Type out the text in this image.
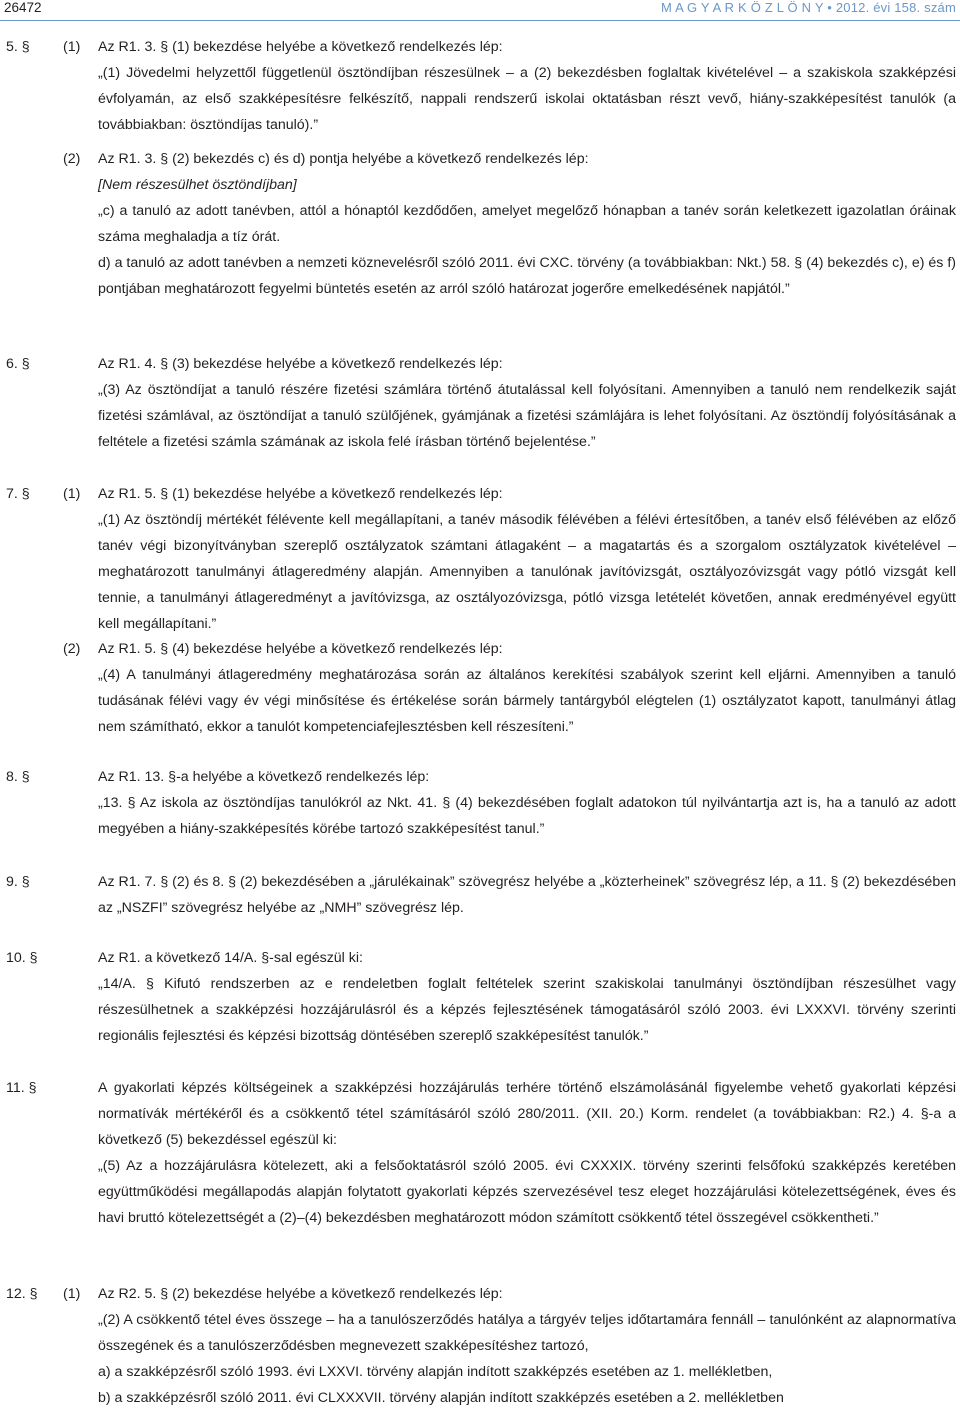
26472	M A G Y A R K Ö Z L Ö N Y • 2012. évi 158. szám
5. § (1) Az R1. 3. § (1) bekezdése helyébe a következő rendelkezés lép:

„(1) Jövedelmi helyzettől függetlenül ösztöndíjban részesülnek – a (2) bekezdésben foglaltak kivételével – a szakiskola szakképzési évfolyamán, az első szakképesítésre felkészítő, nappali rendszerű iskolai oktatásban részt vevő, hiány-szakképesítést tanulók (a továbbiakban: ösztöndíjas tanuló).”

(2) Az R1. 3. § (2) bekezdés c) és d) pontja helyébe a következő rendelkezés lép:

[Nem részesülhet ösztöndíjban]

„c) a tanuló az adott tanévben, attól a hónaptól kezdődően, amelyet megelőző hónapban a tanév során keletkezett igazolatlan óráinak száma meghaladja a tíz órát.

d) a tanuló az adott tanévben a nemzeti köznevelésről szóló 2011. évi CXC. törvény (a továbbiakban: Nkt.) 58. § (4) bekezdés c), e) és f) pontjában meghatározott fegyelmi büntetés esetén az arról szóló határozat jogerőre emelkedésének napjától.”

6. §	Az R1. 4. § (3) bekezdése helyébe a következő rendelkezés lép:

„(3) Az ösztöndíjat a tanuló részére fizetési számlára történő átutalással kell folyósítani. Amennyiben a tanuló nem rendelkezik saját fizetési számlával, az ösztöndíjat a tanuló szülőjének, gyámjának a fizetési számlájára is lehet folyósítani. Az ösztöndíj folyósításának a feltétele a fizetési számla számának az iskola felé írásban történő bejelentése.”

7. § (1) Az R1. 5. § (1) bekezdése helyébe a következő rendelkezés lép:

„(1) Az ösztöndíj mértékét félévente kell megállapítani, a tanév második félévében a félévi értesítőben, a tanév első félévében az előző tanév végi bizonyítványban szereplő osztályzatok számtani átlagaként – a magatartás és a szorgalom osztályzatok kivételével – meghatározott tanulmányi átlageredmény alapján. Amennyiben a tanulónak javítóvizsgát, osztályozóvizsgát vagy pótló vizsgát kell tennie, a tanulmányi átlageredményt a javítóvizsga, az osztályozóvizsga, pótló vizsga letételét követően, annak eredményével együtt kell megállapítani.”

(2) Az R1. 5. § (4) bekezdése helyébe a következő rendelkezés lép:

„(4) A tanulmányi átlageredmény meghatározása során az általános kerekítési szabályok szerint kell eljárni. Amennyiben a tanuló tudásának félévi vagy év végi minősítése és értékelése során bármely tantárgyból elégtelen (1) osztályzatot kapott, tanulmányi átlag nem számítható, ekkor a tanulót kompetenciafejlesztésben kell részesíteni.”

8. §	Az R1. 13. §-a helyébe a következő rendelkezés lép:

„13. § Az iskola az ösztöndíjas tanulókról az Nkt. 41. § (4) bekezdésében foglalt adatokon túl nyilvántartja azt is, ha a tanuló az adott megyében a hiány-szakképesítés körébe tartozó szakképesítést tanul.”

9. §	Az R1. 7. § (2) és 8. § (2) bekezdésében a „járulékainak” szövegrész helyébe a „közterheinek” szövegrész lép, a 11. § (2) bekezdésében az „NSZFI” szövegrész helyébe az „NMH” szövegrész lép.

10. §	Az R1. a következő 14/A. §-sal egészül ki:

„14/A. § Kifutó rendszerben az e rendeletben foglalt feltételek szerint szakiskolai tanulmányi ösztöndíjban részesülhet vagy részesülhetnek a szakképzési hozzájárulásról és a képzés fejlesztésének támogatásáról szóló 2003. évi LXXXVI. törvény szerinti regionális fejlesztési és képzési bizottság döntésében szereplő szakképesítést tanulók.”

11. §	A gyakorlati képzés költségeinek a szakképzési hozzájárulás terhére történő elszámolásánál figyelembe vehető gyakorlati képzési normatívák mértékéről és a csökkentő tétel számításáról szóló 280/2011. (XII. 20.) Korm. rendelet (a továbbiakban: R2.) 4. §-a a következő (5) bekezdéssel egészül ki:

„(5) Az a hozzájárulásra kötelezett, aki a felsőoktatásról szóló 2005. évi CXXXIX. törvény szerinti felsőfokú szakképzés keretében együttműködési megállapodás alapján folytatott gyakorlati képzés szervezésével tesz eleget hozzájárulási kötelezettségének, éves és havi bruttó kötelezettségét a (2)–(4) bekezdésben meghatározott módon számított csökkentő tétel összegével csökkentheti.”

12. § (1) Az R2. 5. § (2) bekezdése helyébe a következő rendelkezés lép:

„(2) A csökkentő tétel éves összege – ha a tanulószerződés hatálya a tárgyév teljes időtartamára fennáll – tanulónként az alapnormatíva összegének és a tanulószerződésben megnevezett szakképesítéshez tartozó,

a) a szakképzésről szóló 1993. évi LXXVI. törvény alapján indított szakképzés esetében az 1. mellékletben,

b) a szakképzésről szóló 2011. évi CLXXXVII. törvény alapján indított szakképzés esetében a 2. mellékletben
